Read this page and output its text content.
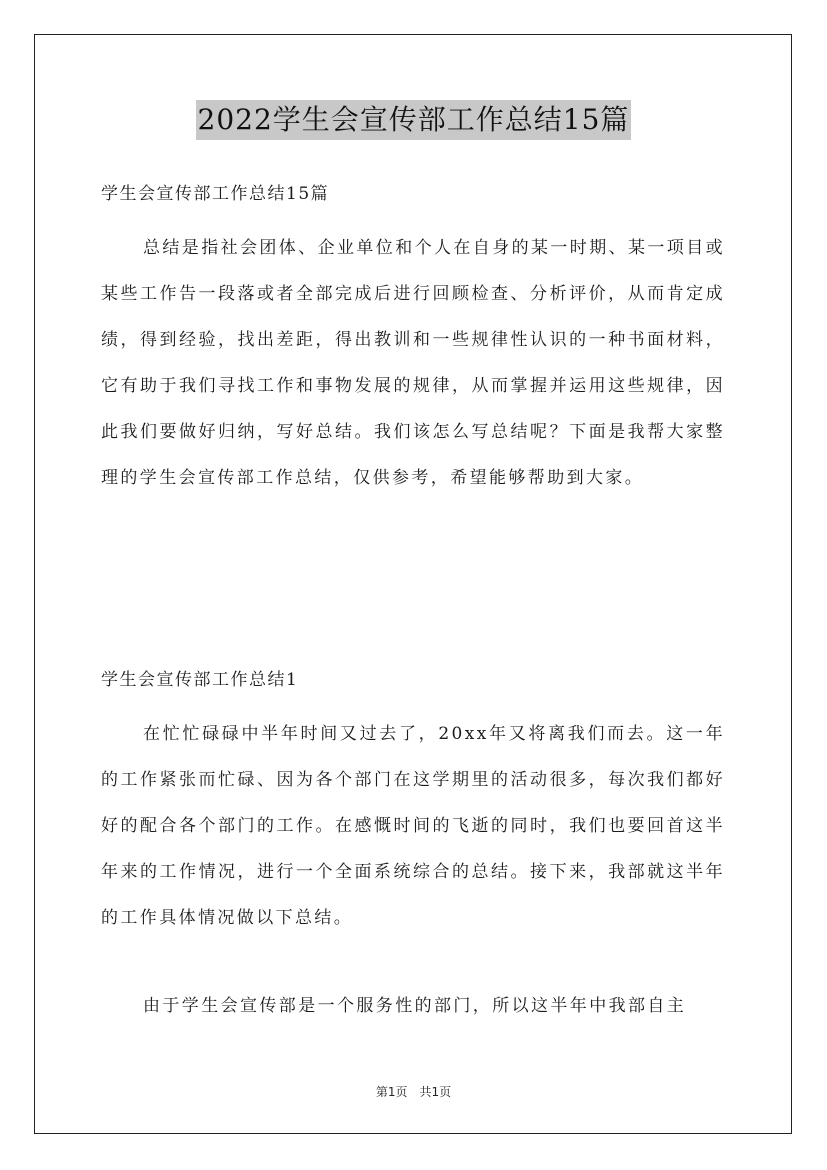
2022学生会宣传部工作总结15篇
学生会宣传部工作总结15篇

总结是指社会团体、企业单位和个人在自身的某一时期、某一项目或某些工作告一段落或者全部完成后进行回顾检查、分析评价，从而肯定成绩，得到经验，找出差距，得出教训和一些规律性认识的一种书面材料，它有助于我们寻找工作和事物发展的规律，从而掌握并运用这些规律，因此我们要做好归纳，写好总结。我们该怎么写总结呢？下面是我帮大家整理的学生会宣传部工作总结，仅供参考，希望能够帮助到大家。

学生会宣传部工作总结1

在忙忙碌碌中半年时间又过去了，20xx年又将离我们而去。这一年的工作紧张而忙碌、因为各个部门在这学期里的活动很多，每次我们都好好的配合各个部门的工作。在感慨时间的飞逝的同时，我们也要回首这半年来的工作情况，进行一个全面系统综合的总结。接下来，我部就这半年的工作具体情况做以下总结。

由于学生会宣传部是一个服务性的部门，所以这半年中我部自主

第1页　共1页
